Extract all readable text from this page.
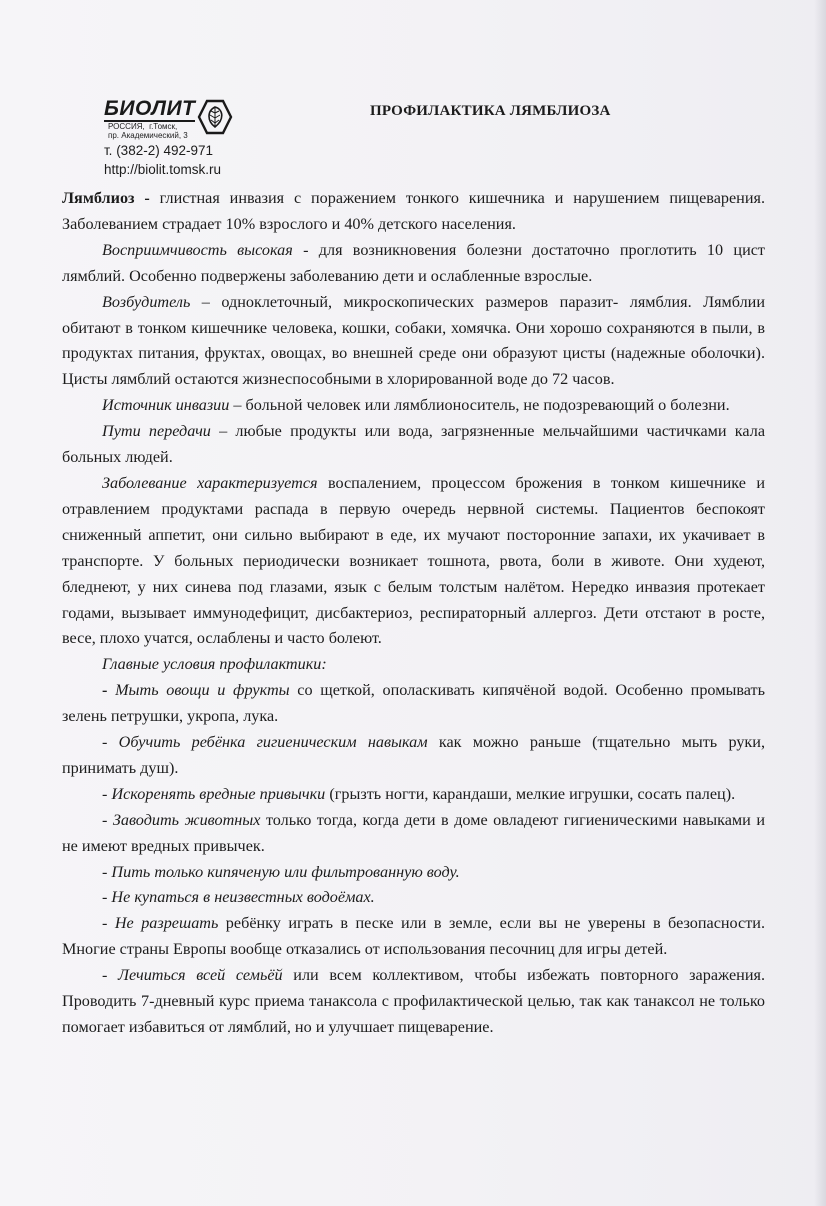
БИОЛИТ
РОССИЯ, г.Томск,
пр. Академический, 3
т. (382-2) 492-971
http://biolit.tomsk.ru
ПРОФИЛАКТИКА ЛЯМБЛИОЗА

Лямблиоз - глистная инвазия с поражением тонкого кишечника и нарушением пищеварения. Заболеванием страдает 10% взрослого и 40% детского населения.

Восприимчивость высокая - для возникновения болезни достаточно проглотить 10 цист лямблий. Особенно подвержены заболеванию дети и ослабленные взрослые.

Возбудитель – одноклеточный, микроскопических размеров паразит- лямблия. Лямблии обитают в тонком кишечнике человека, кошки, собаки, хомячка. Они хорошо сохраняются в пыли, в продуктах питания, фруктах, овощах, во внешней среде они образуют цисты (надежные оболочки). Цисты лямблий остаются жизнеспособными в хлорированной воде до 72 часов.

Источник инвазии – больной человек или лямблионоситель, не подозревающий о болезни.

Пути передачи – любые продукты или вода, загрязненные мельчайшими частичками кала больных людей.

Заболевание характеризуется воспалением, процессом брожения в тонком кишечнике и отравлением продуктами распада в первую очередь нервной системы. Пациентов беспокоят сниженный аппетит, они сильно выбирают в еде, их мучают посторонние запахи, их укачивает в транспорте. У больных периодически возникает тошнота, рвота, боли в животе. Они худеют, бледнеют, у них синева под глазами, язык с белым толстым налётом. Нередко инвазия протекает годами, вызывает иммунодефицит, дисбактериоз, респираторный аллергоз. Дети отстают в росте, весе, плохо учатся, ослаблены и часто болеют.

Главные условия профилактики:

- Мыть овощи и фрукты со щеткой, ополаскивать кипячёной водой. Особенно промывать зелень петрушки, укропа, лука.

- Обучить ребёнка гигиеническим навыкам как можно раньше (тщательно мыть руки, принимать душ).

- Искоренять вредные привычки (грызть ногти, карандаши, мелкие игрушки, сосать палец).

- Заводить животных только тогда, когда дети в доме овладеют гигиеническими навыками и не имеют вредных привычек.

- Пить только кипяченую или фильтрованную воду.

- Не купаться в неизвестных водоёмах.

- Не разрешать ребёнку играть в песке или в земле, если вы не уверены в безопасности. Многие страны Европы вообще отказались от использования песочниц для игры детей.

- Лечиться всей семьёй или всем коллективом, чтобы избежать повторного заражения. Проводить 7-дневный курс приема танаксола с профилактической целью, так как танаксол не только помогает избавиться от лямблий, но и улучшает пищеварение.
